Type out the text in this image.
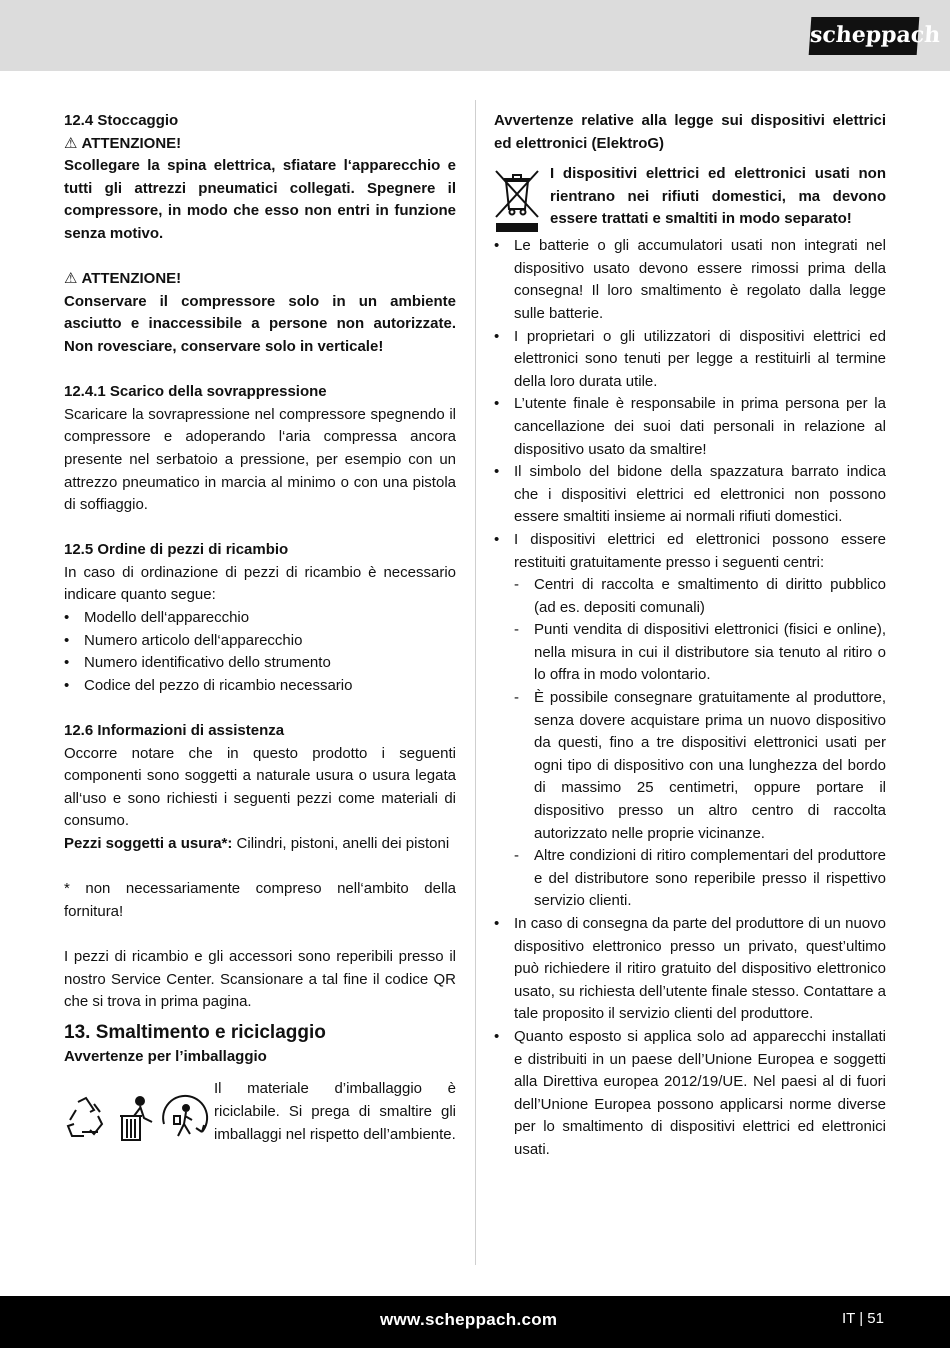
scheppach

12.4 Stoccaggio

⚠ ATTENZIONE!

Scollegare la spina elettrica, sfiatare l‘apparecchio e tutti gli attrezzi pneumatici collegati. Spegnere il compressore, in modo che esso non entri in funzione senza motivo.

⚠ ATTENZIONE!

Conservare il compressore solo in un ambiente asciutto e inaccessibile a persone non autorizzate. Non rovesciare, conservare solo in verticale!

12.4.1 Scarico della sovrappressione

Scaricare la sovrapressione nel compressore spegnendo il compressore e adoperando l‘aria compressa ancora presente nel serbatoio a pressione, per esempio con un attrezzo pneumatico in marcia al minimo o con una pistola di soffiaggio.

12.5 Ordine di pezzi di ricambio

In caso di ordinazione di pezzi di ricambio è necessario indicare quanto segue:

• Modello dell‘apparecchio
• Numero articolo dell‘apparecchio
• Numero identificativo dello strumento
• Codice del pezzo di ricambio necessario

12.6 Informazioni di assistenza

Occorre notare che in questo prodotto i seguenti componenti sono soggetti a naturale usura o usura legata all‘uso e sono richiesti i seguenti pezzi come materiali di consumo.

Pezzi soggetti a usura*: Cilindri, pistoni, anelli dei pistoni

* non necessariamente compreso nell‘ambito della fornitura!

I pezzi di ricambio e gli accessori sono reperibili presso il nostro Service Center. Scansionare a tal fine il codice QR che si trova in prima pagina.

13. Smaltimento e riciclaggio

Avvertenze per l’imballaggio

Il materiale d’imballaggio è riciclabile. Si prega di smaltire gli imballaggi nel rispetto dell’ambiente.

Avvertenze relative alla legge sui dispositivi elettrici ed elettronici (ElektroG)

I dispositivi elettrici ed elettronici usati non rientrano nei rifiuti domestici, ma devono essere trattati e smaltiti in modo separato!

• Le batterie o gli accumulatori usati non integrati nel dispositivo usato devono essere rimossi prima della consegna! Il loro smaltimento è regolato dalla legge sulle batterie.
• I proprietari o gli utilizzatori di dispositivi elettrici ed elettronici sono tenuti per legge a restituirli al termine della loro durata utile.
• L’utente finale è responsabile in prima persona per la cancellazione dei suoi dati personali in relazione al dispositivo usato da smaltire!
• Il simbolo del bidone della spazzatura barrato indica che i dispositivi elettrici ed elettronici non possono essere smaltiti insieme ai normali rifiuti domestici.
• I dispositivi elettrici ed elettronici possono essere restituiti gratuitamente presso i seguenti centri:
- Centri di raccolta e smaltimento di diritto pubblico (ad es. depositi comunali)
- Punti vendita di dispositivi elettronici (fisici e online), nella misura in cui il distributore sia tenuto al ritiro o lo offra in modo volontario.
- È possibile consegnare gratuitamente al produttore, senza dovere acquistare prima un nuovo dispositivo da questi, fino a tre dispositivi elettronici usati per ogni tipo di dispositivo con una lunghezza del bordo di massimo 25 centimetri, oppure portare il dispositivo presso un altro centro di raccolta autorizzato nelle proprie vicinanze.
- Altre condizioni di ritiro complementari del produttore e del distributore sono reperibile presso il rispettivo servizio clienti.
• In caso di consegna da parte del produttore di un nuovo dispositivo elettronico presso un privato, quest’ultimo può richiedere il ritiro gratuito del dispositivo elettronico usato, su richiesta dell’utente finale stesso. Contattare a tale proposito il servizio clienti del produttore.
• Quanto esposto si applica solo ad apparecchi installati e distribuiti in un paese dell’Unione Europea e soggetti alla Direttiva europea 2012/19/UE. Nel paesi al di fuori dell’Unione Europea possono applicarsi norme diverse per lo smaltimento di dispositivi elettrici ed elettronici usati.
www.scheppach.com	IT | 51
